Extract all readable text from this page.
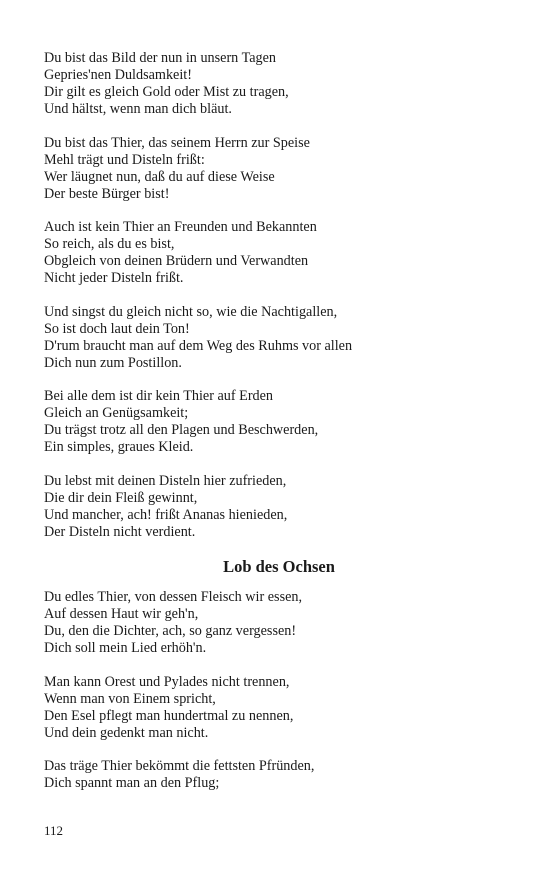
Du bist das Bild der nun in unsern Tagen
Gepries'nen Duldsamkeit!
Dir gilt es gleich Gold oder Mist zu tragen,
Und hältst, wenn man dich bläut.
Du bist das Thier, das seinem Herrn zur Speise
Mehl trägt und Disteln frißt:
Wer läugnet nun, daß du auf diese Weise
Der beste Bürger bist!
Auch ist kein Thier an Freunden und Bekannten
So reich, als du es bist,
Obgleich von deinen Brüdern und Verwandten
Nicht jeder Disteln frißt.
Und singst du gleich nicht so, wie die Nachtigallen,
So ist doch laut dein Ton!
D'rum braucht man auf dem Weg des Ruhms vor allen
Dich nun zum Postillon.
Bei alle dem ist dir kein Thier auf Erden
Gleich an Genügsamkeit;
Du trägst trotz all den Plagen und Beschwerden,
Ein simples, graues Kleid.
Du lebst mit deinen Disteln hier zufrieden,
Die dir dein Fleiß gewinnt,
Und mancher, ach! frißt Ananas hienieden,
Der Disteln nicht verdient.
Lob des Ochsen
Du edles Thier, von dessen Fleisch wir essen,
Auf dessen Haut wir geh'n,
Du, den die Dichter, ach, so ganz vergessen!
Dich soll mein Lied erhöh'n.
Man kann Orest und Pylades nicht trennen,
Wenn man von Einem spricht,
Den Esel pflegt man hundertmal zu nennen,
Und dein gedenkt man nicht.
Das träge Thier bekömmt die fettsten Pfründen,
Dich spannt man an den Pflug;
112
